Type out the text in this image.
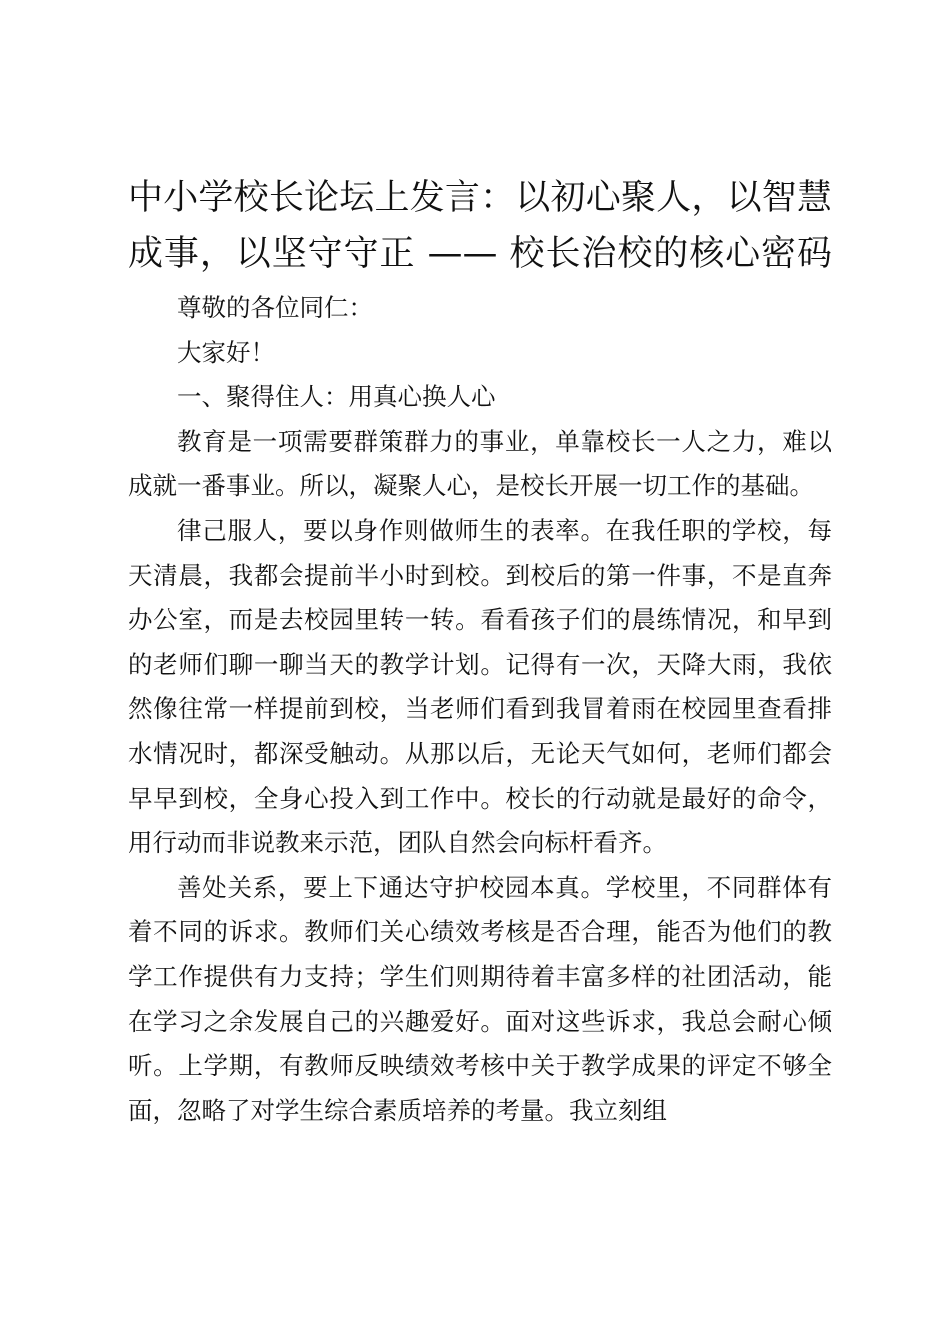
中小学校长论坛上发言：以初心聚人，以智慧
成事，以坚守守正 —— 校长治校的核心密码

尊敬的各位同仁：

大家好！

一、聚得住人：用真心换人心

教育是一项需要群策群力的事业，单靠校长一人之力，难以成就一番事业。所以，凝聚人心，是校长开展一切工作的基础。

律己服人，要以身作则做师生的表率。在我任职的学校，每天清晨，我都会提前半小时到校。到校后的第一件事，不是直奔办公室，而是去校园里转一转。看看孩子们的晨练情况，和早到的老师们聊一聊当天的教学计划。记得有一次，天降大雨，我依然像往常一样提前到校，当老师们看到我冒着雨在校园里查看排水情况时，都深受触动。从那以后，无论天气如何，老师们都会早早到校，全身心投入到工作中。校长的行动就是最好的命令，用行动而非说教来示范，团队自然会向标杆看齐。

善处关系，要上下通达守护校园本真。学校里，不同群体有着不同的诉求。教师们关心绩效考核是否合理，能否为他们的教学工作提供有力支持；学生们则期待着丰富多样的社团活动，能在学习之余发展自己的兴趣爱好。面对这些诉求，我总会耐心倾听。上学期，有教师反映绩效考核中关于教学成果的评定不够全面，忽略了对学生综合素质培养的考量。我立刻组
